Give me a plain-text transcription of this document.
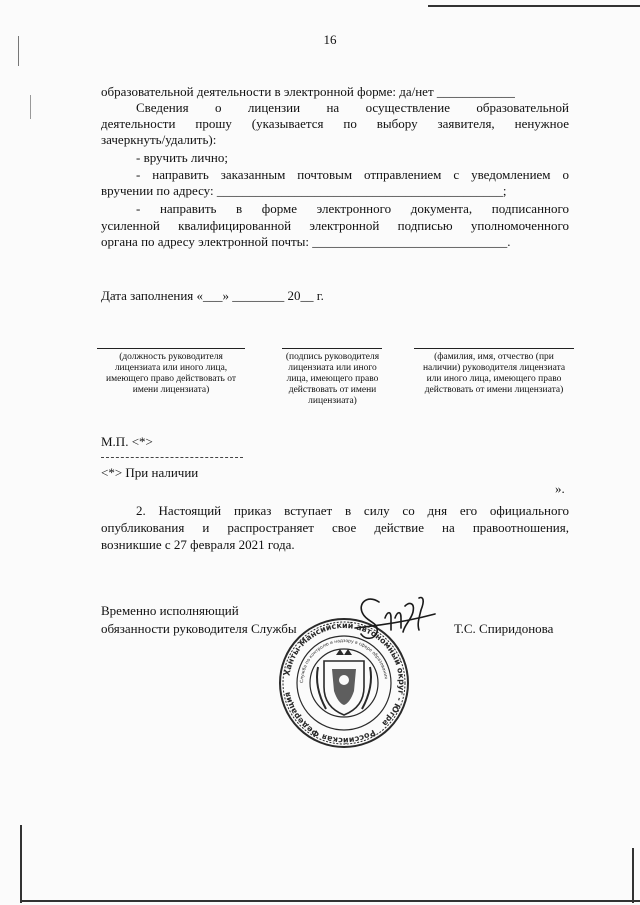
16
образовательной деятельности в электронной форме: да/нет ____________
Сведения о лицензии на осуществление образовательной
деятельности прошу (указывается по выбору заявителя, ненужное
зачеркнуть/удалить):
- вручить лично;
- направить заказанным почтовым отправлением с уведомлением о
вручении по адресу: ____________________________________________;
- направить в форме электронного документа, подписанного
усиленной квалифицированной электронной подписью уполномоченного
органа по адресу электронной почты: ______________________________.
Дата заполнения «___» ________ 20__ г.
(должность руководителя лицензиата или иного лица, имеющего право действовать от имени лицензиата)
(подпись руководителя лицензиата или иного лица, имеющего право действовать от имени лицензиата)
(фамилия, имя, отчество (при наличии) руководителя лицензиата или иного лица, имеющего право действовать от имени лицензиата)
М.П. <*>
<*> При наличии
».
2. Настоящий приказ вступает в силу со дня его официального
опубликования и распространяет свое действие на правоотношения,
возникшие с 27 февраля 2021 года.
Временно исполняющий
обязанности руководителя Службы	Т.С. Спиридонова
Ханты-Мансийский автономный округ - Югра
Российская Федерация
Служба по контролю и надзору в сфере образования
